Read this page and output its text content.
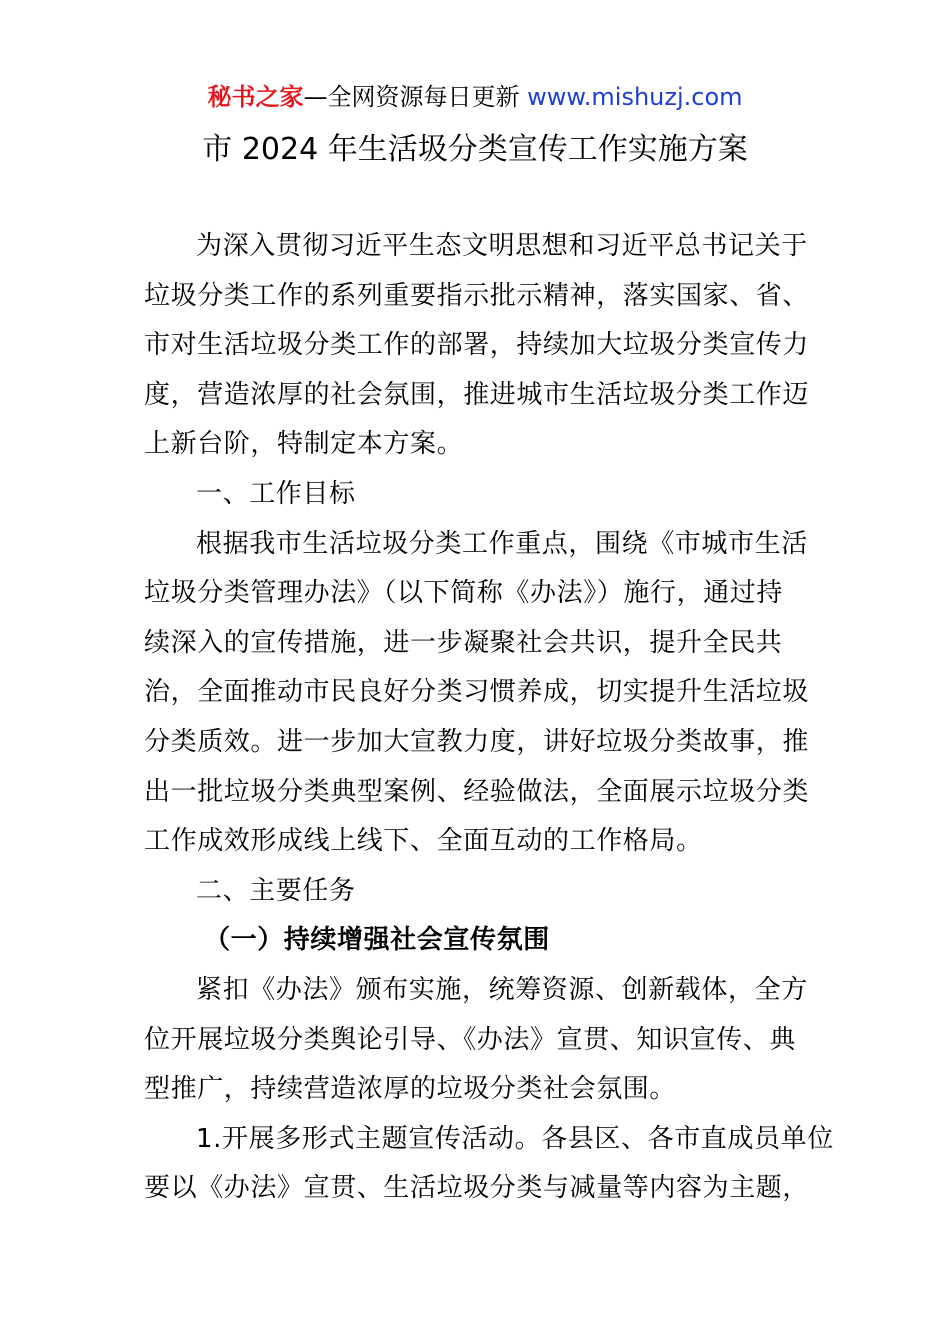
秘书之家—全网资源每日更新 www.mishuzj.com
市 2024 年生活圾分类宣传工作实施方案
为深入贯彻习近平生态文明思想和习近平总书记关于
垃圾分类工作的系列重要指示批示精神，落实国家、省、
市对生活垃圾分类工作的部署，持续加大垃圾分类宣传力
度，营造浓厚的社会氛围，推进城市生活垃圾分类工作迈
上新台阶，特制定本方案。
一、工作目标
根据我市生活垃圾分类工作重点，围绕《市城市生活
垃圾分类管理办法》（以下简称《办法》）施行，通过持
续深入的宣传措施，进一步凝聚社会共识，提升全民共
治，全面推动市民良好分类习惯养成，切实提升生活垃圾
分类质效。进一步加大宣教力度，讲好垃圾分类故事，推
出一批垃圾分类典型案例、经验做法，全面展示垃圾分类
工作成效形成线上线下、全面互动的工作格局。
二、主要任务
（一）持续增强社会宣传氛围
紧扣《办法》颁布实施，统筹资源、创新载体，全方
位开展垃圾分类舆论引导、《办法》宣贯、知识宣传、典
型推广，持续营造浓厚的垃圾分类社会氛围。
1.开展多形式主题宣传活动。各县区、各市直成员单位
要以《办法》宣贯、生活垃圾分类与减量等内容为主题，
